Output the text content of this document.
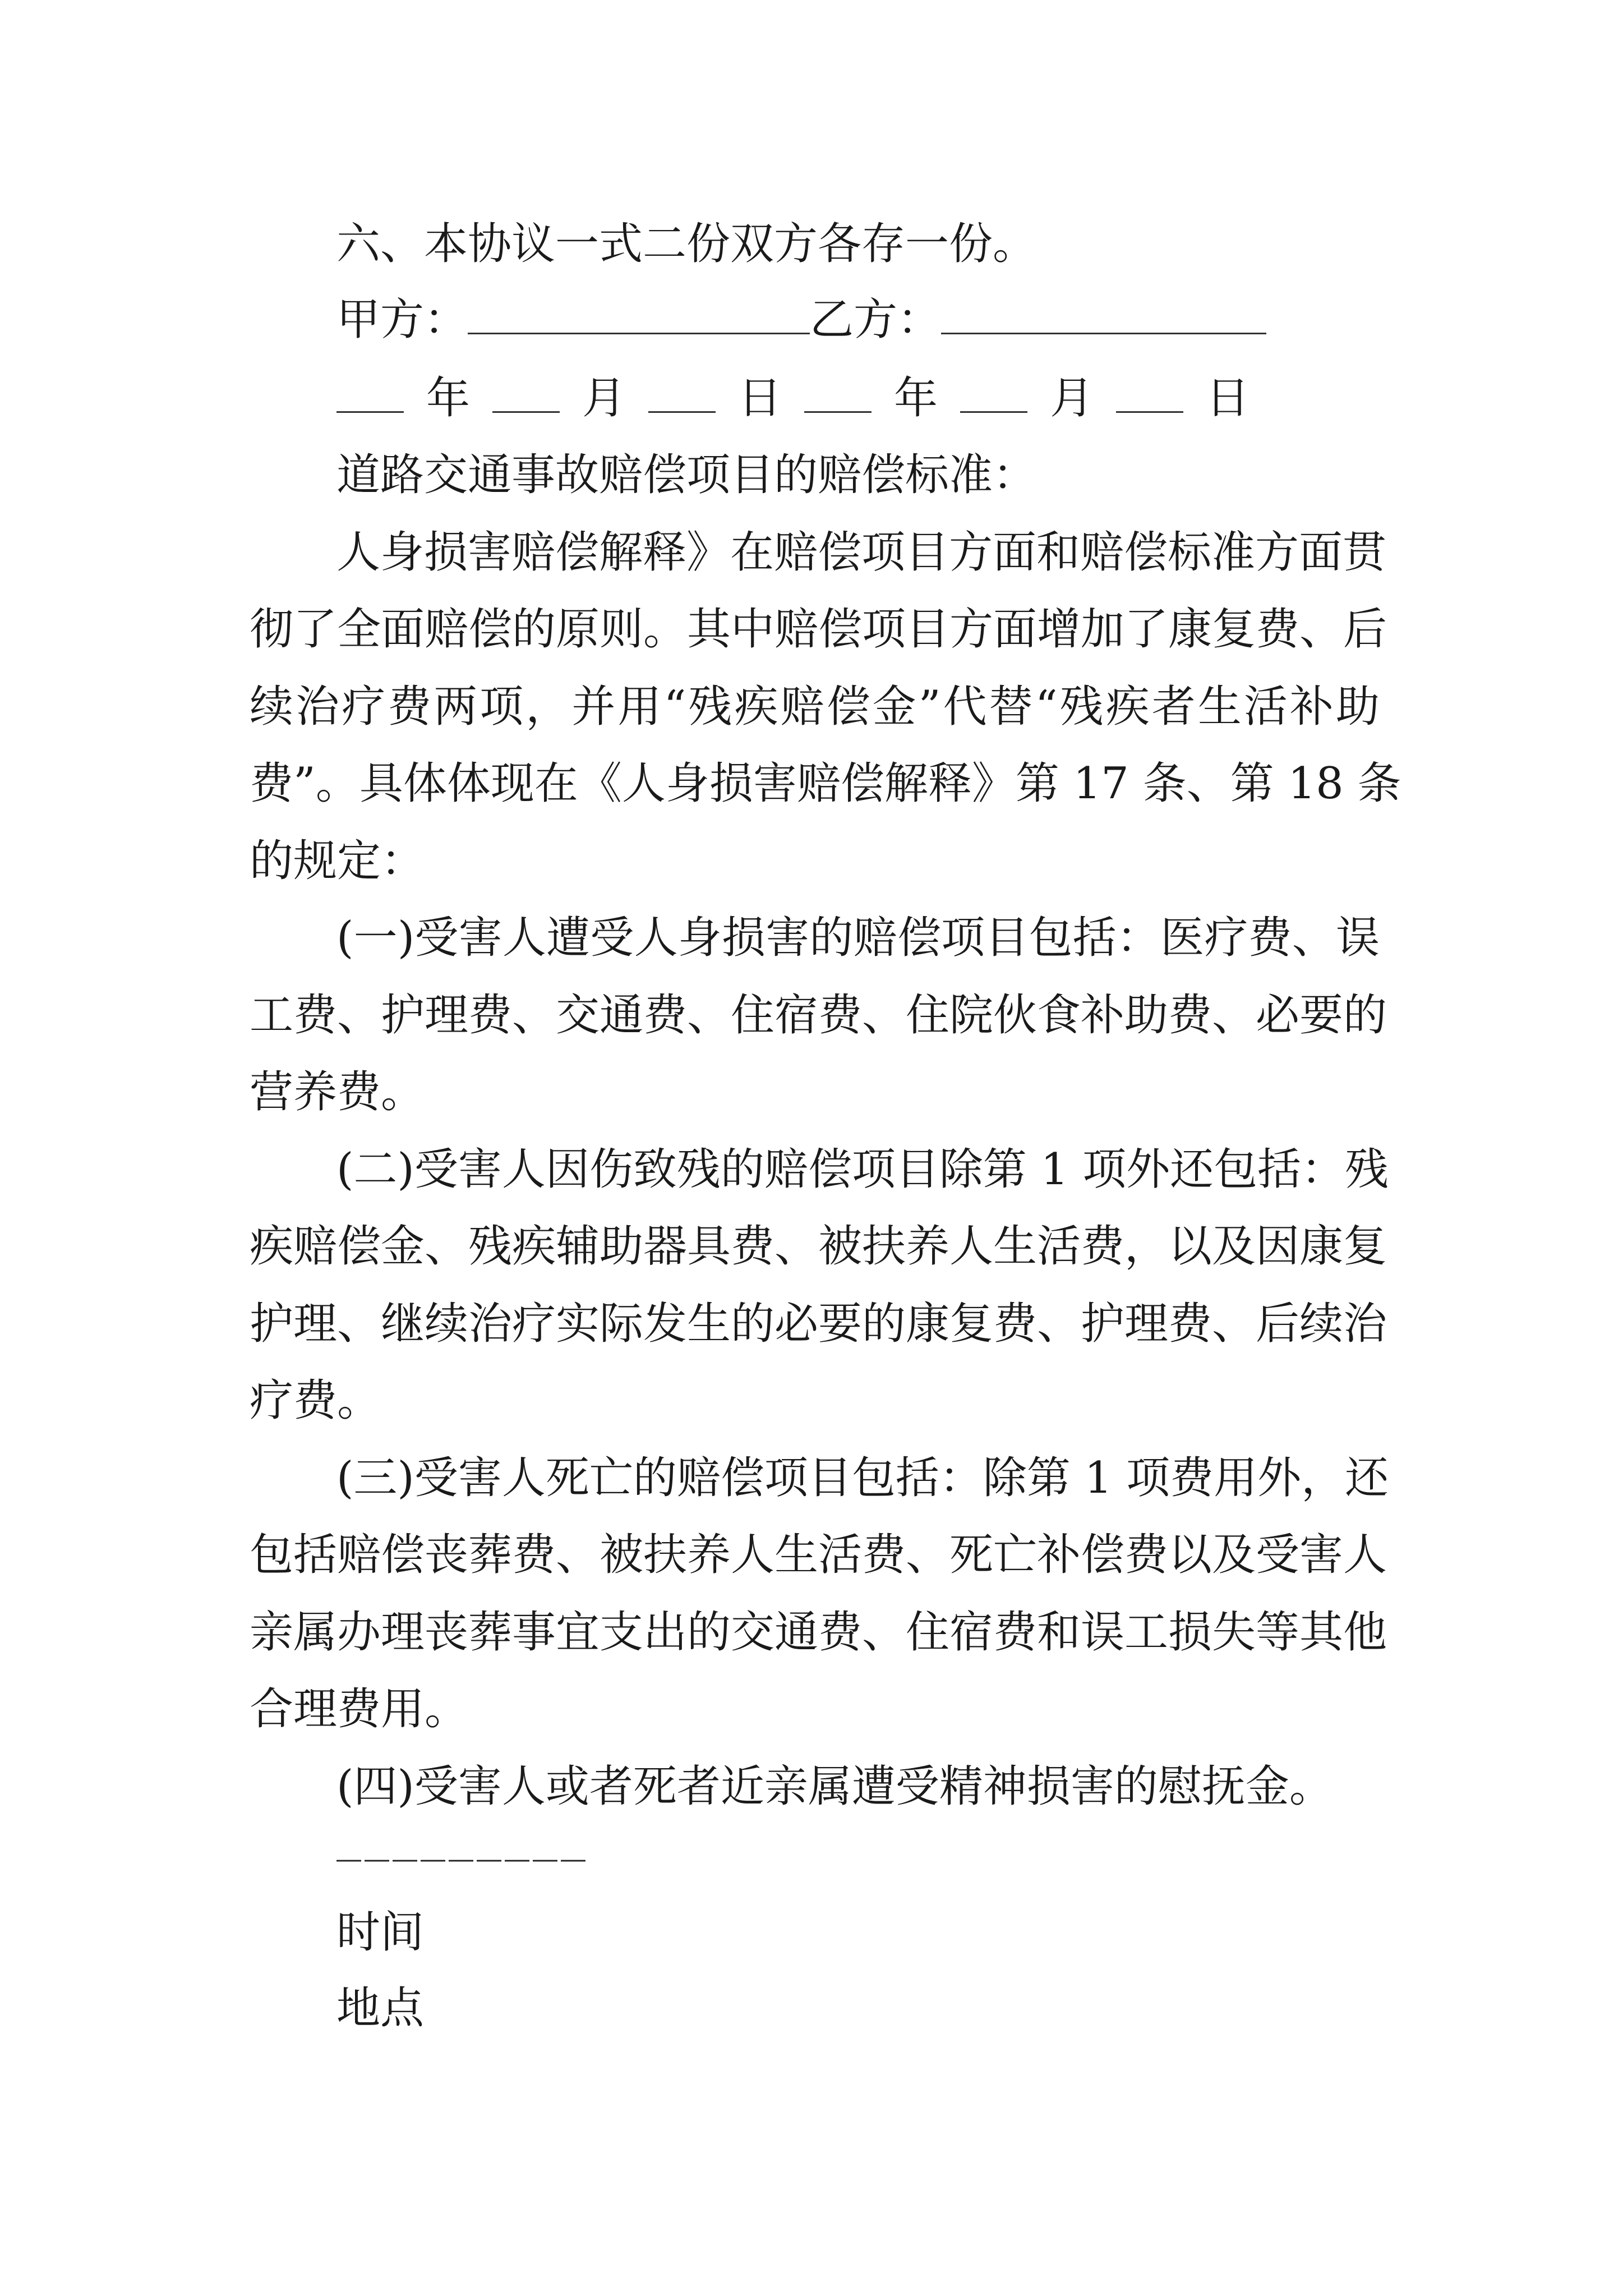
六、本协议一式二份双方各存一份。
甲方：	乙方：
年	月	日	年	月	日
道路交通事故赔偿项目的赔偿标准：
人身损害赔偿解释》在赔偿项目方面和赔偿标准方面贯
彻了全面赔偿的原则。其中赔偿项目方面增加了康复费、后
续治疗费两项，并用“残疾赔偿金”代替“残疾者生活补助
费”。具体体现在《人身损害赔偿解释》第 17 条、第 18 条
的规定：
(一)受害人遭受人身损害的赔偿项目包括：医疗费、误
工费、护理费、交通费、住宿费、住院伙食补助费、必要的
营养费。
(二)受害人因伤致残的赔偿项目除第 1 项外还包括：残
疾赔偿金、残疾辅助器具费、被扶养人生活费，以及因康复
护理、继续治疗实际发生的必要的康复费、护理费、后续治
疗费。
(三)受害人死亡的赔偿项目包括：除第 1 项费用外，还
包括赔偿丧葬费、被扶养人生活费、死亡补偿费以及受害人
亲属办理丧葬事宜支出的交通费、住宿费和误工损失等其他
合理费用。
(四)受害人或者死者近亲属遭受精神损害的慰抚金。
―――――――――
时间
地点
